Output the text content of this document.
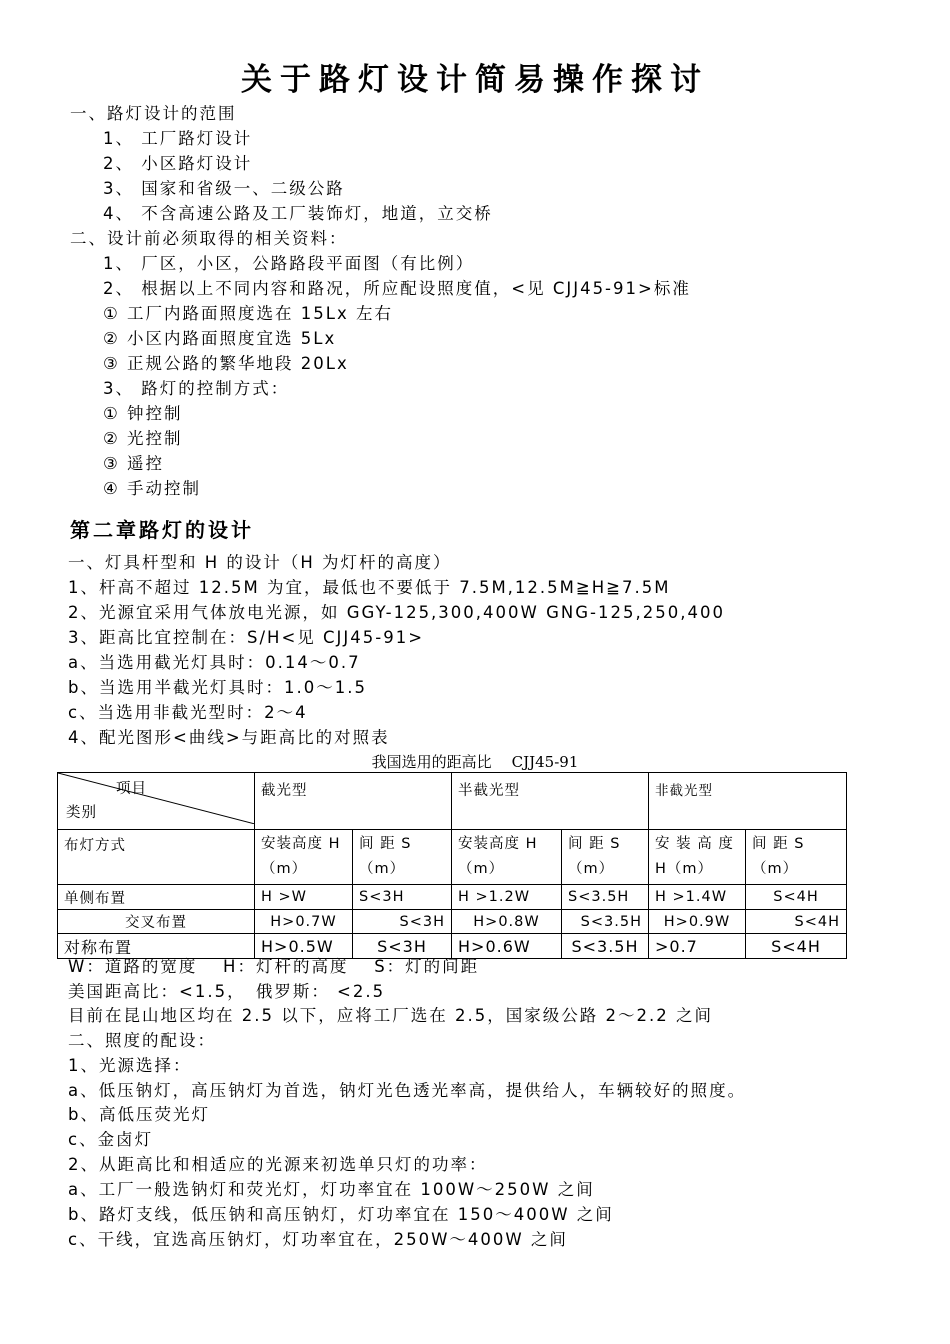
关于路灯设计简易操作探讨
一、路灯设计的范围
1、 工厂路灯设计
2、 小区路灯设计
3、 国家和省级一、二级公路
4、 不含高速公路及工厂装饰灯，地道，立交桥
二、设计前必须取得的相关资料：
1、 厂区，小区，公路路段平面图（有比例）
2、 根据以上不同内容和路况，所应配设照度值，<见 CJJ45-91>标准
① 工厂内路面照度选在 15Lx 左右
② 小区内路面照度宜选 5Lx
③ 正规公路的繁华地段 20Lx
3、 路灯的控制方式：
① 钟控制
② 光控制
③ 遥控
④ 手动控制
第二章路灯的设计
一、灯具杆型和 H 的设计（H 为灯杆的高度）
1、杆高不超过 12.5M 为宜，最低也不要低于 7.5M,12.5M≧H≧7.5M
2、光源宜采用气体放电光源，如 GGY-125,300,400W GNG-125,250,400
3、距高比宜控制在：S/H<见 CJJ45-91>
a、当选用截光灯具时：0.14～0.7
b、当选用半截光灯具时：1.0～1.5
c、当选用非截光型时：2～4
4、配光图形<曲线>与距高比的对照表
我国选用的距高比 CJJ45-91
项目
类别	截光型		半截光型		非截光型	
布灯方式	安装高度 H（m）	间 距 S（m）	安装高度 H（m）	间 距 S（m）	安 装 高 度 H（m）	间 距 S（m）
单侧布置	H >W	S<3H	H >1.2W	S<3.5H	H >1.4W	S<4H
交叉布置	H>0.7W	S<3H	H>0.8W	S<3.5H	H>0.9W	S<4H
对称布置	H>0.5W	S<3H	H>0.6W	S<3.5H	>0.7	S<4H
W：道路的宽度　 H：灯杆的高度　 S：灯的间距
美国距高比：<1.5，　俄罗斯： <2.5
目前在昆山地区均在 2.5 以下，应将工厂选在 2.5，国家级公路 2～2.2 之间
二、照度的配设：
1、光源选择：
a、低压钠灯，高压钠灯为首选，钠灯光色透光率高，提供给人，车辆较好的照度。
b、高低压荧光灯
c、金卤灯
2、从距高比和相适应的光源来初选单只灯的功率：
a、工厂一般选钠灯和荧光灯，灯功率宜在 100W～250W 之间
b、路灯支线，低压钠和高压钠灯，灯功率宜在 150～400W 之间
c、干线，宜选高压钠灯，灯功率宜在，250W～400W 之间
